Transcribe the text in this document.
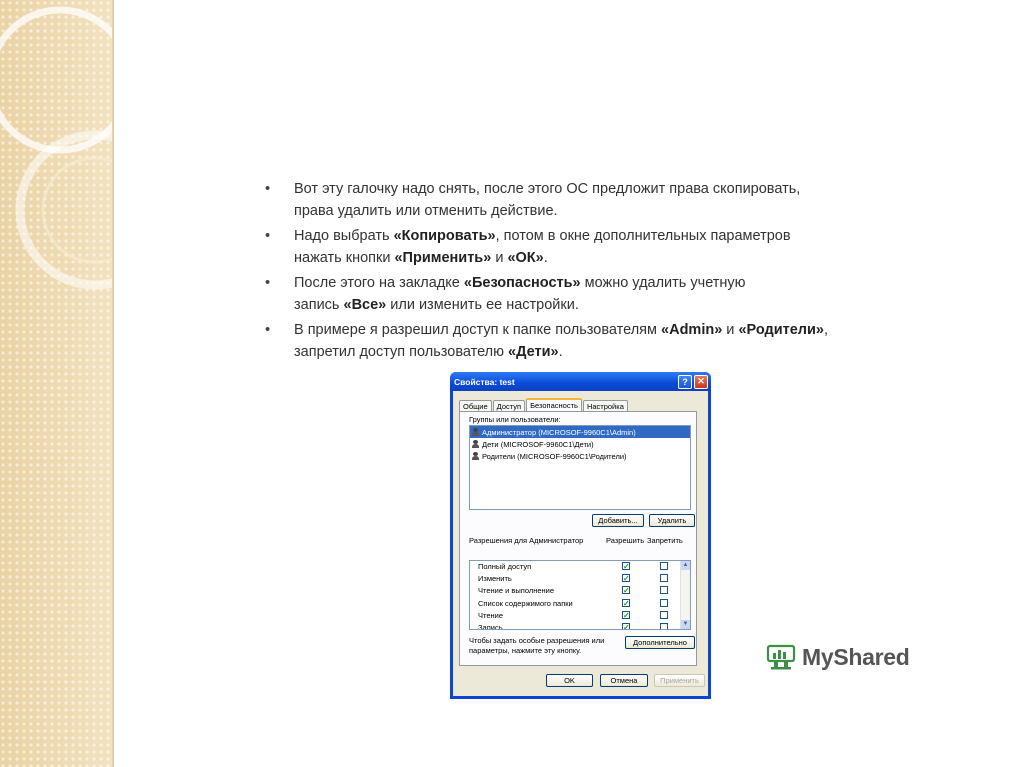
• Вот эту галочку надо снять, после этого ОС предложит права скопировать,
права удалить или отменить действие.
• Надо выбрать «Копировать», потом в окне дополнительных параметров
нажать кнопки «Применить» и «ОК».
• После этого на закладке «Безопасность» можно удалить учетную
запись «Все» или изменить ее настройки.
• В примере я разрешил доступ к папке пользователям «Admin» и «Родители»,
запретил доступ пользователю «Дети».
Свойства: test	? ✕
Общие	Доступ	Безопасность	Настройка
Группы или пользователи:
Администратор (MICROSOF-9960C1\Admin)
Дети (MICROSOF-9960C1\Дети)
Родители (MICROSOF-9960C1\Родители)
Добавить...	Удалить
Разрешения для Администратор	Разрешить Запретить
Полный доступ	✓
Изменить	✓
Чтение и выполнение	✓
Список содержимого папки	✓
Чтение	✓
Запись	✓
▲
▼
Чтобы задать особые разрешения или
параметры, нажмите эту кнопку.
Дополнительно
OK	Отмена	Применить
MyShared
